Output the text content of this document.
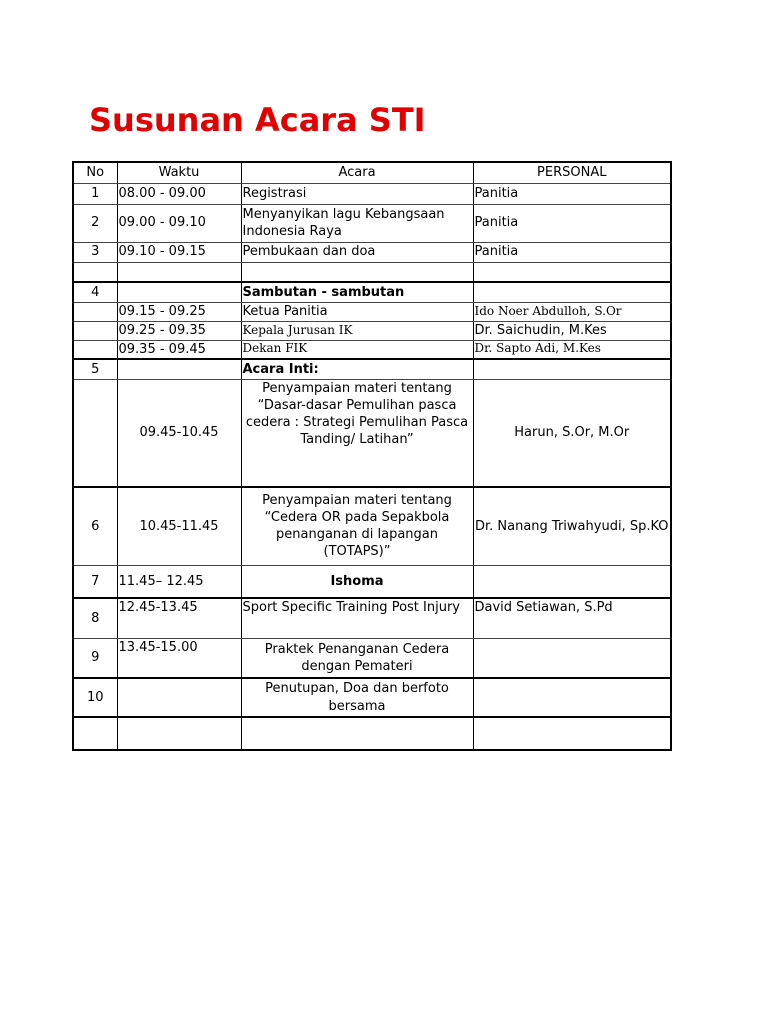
Susunan Acara STI
No	Waktu	Acara	PERSONAL
1	08.00 - 09.00	Registrasi	Panitia
2	09.00 - 09.10	Menyanyikan lagu Kebangsaan Indonesia Raya	Panitia
3	09.10 - 09.15	Pembukaan dan doa	Panitia

4		Sambutan - sambutan	
	09.15 - 09.25	Ketua Panitia	Ido Noer Abdulloh, S.Or
	09.25 - 09.35	Kepala Jurusan IK	Dr. Saichudin, M.Kes
	09.35 - 09.45	Dekan FIK	Dr. Sapto Adi, M.Kes
5		Acara Inti:	
	09.45-10.45	Penyampaian materi tentang “Dasar-dasar Pemulihan pasca cedera : Strategi Pemulihan Pasca Tanding/ Latihan”	Harun, S.Or, M.Or
6	10.45-11.45	Penyampaian materi tentang “Cedera OR pada Sepakbola penanganan di lapangan (TOTAPS)”	Dr. Nanang Triwahyudi, Sp.KO
7	11.45– 12.45	Ishoma	
8	12.45-13.45	Sport Specific Training Post Injury	David Setiawan, S.Pd
9	13.45-15.00	Praktek Penanganan Cedera dengan Pemateri	
10		Penutupan, Doa dan berfoto bersama	
